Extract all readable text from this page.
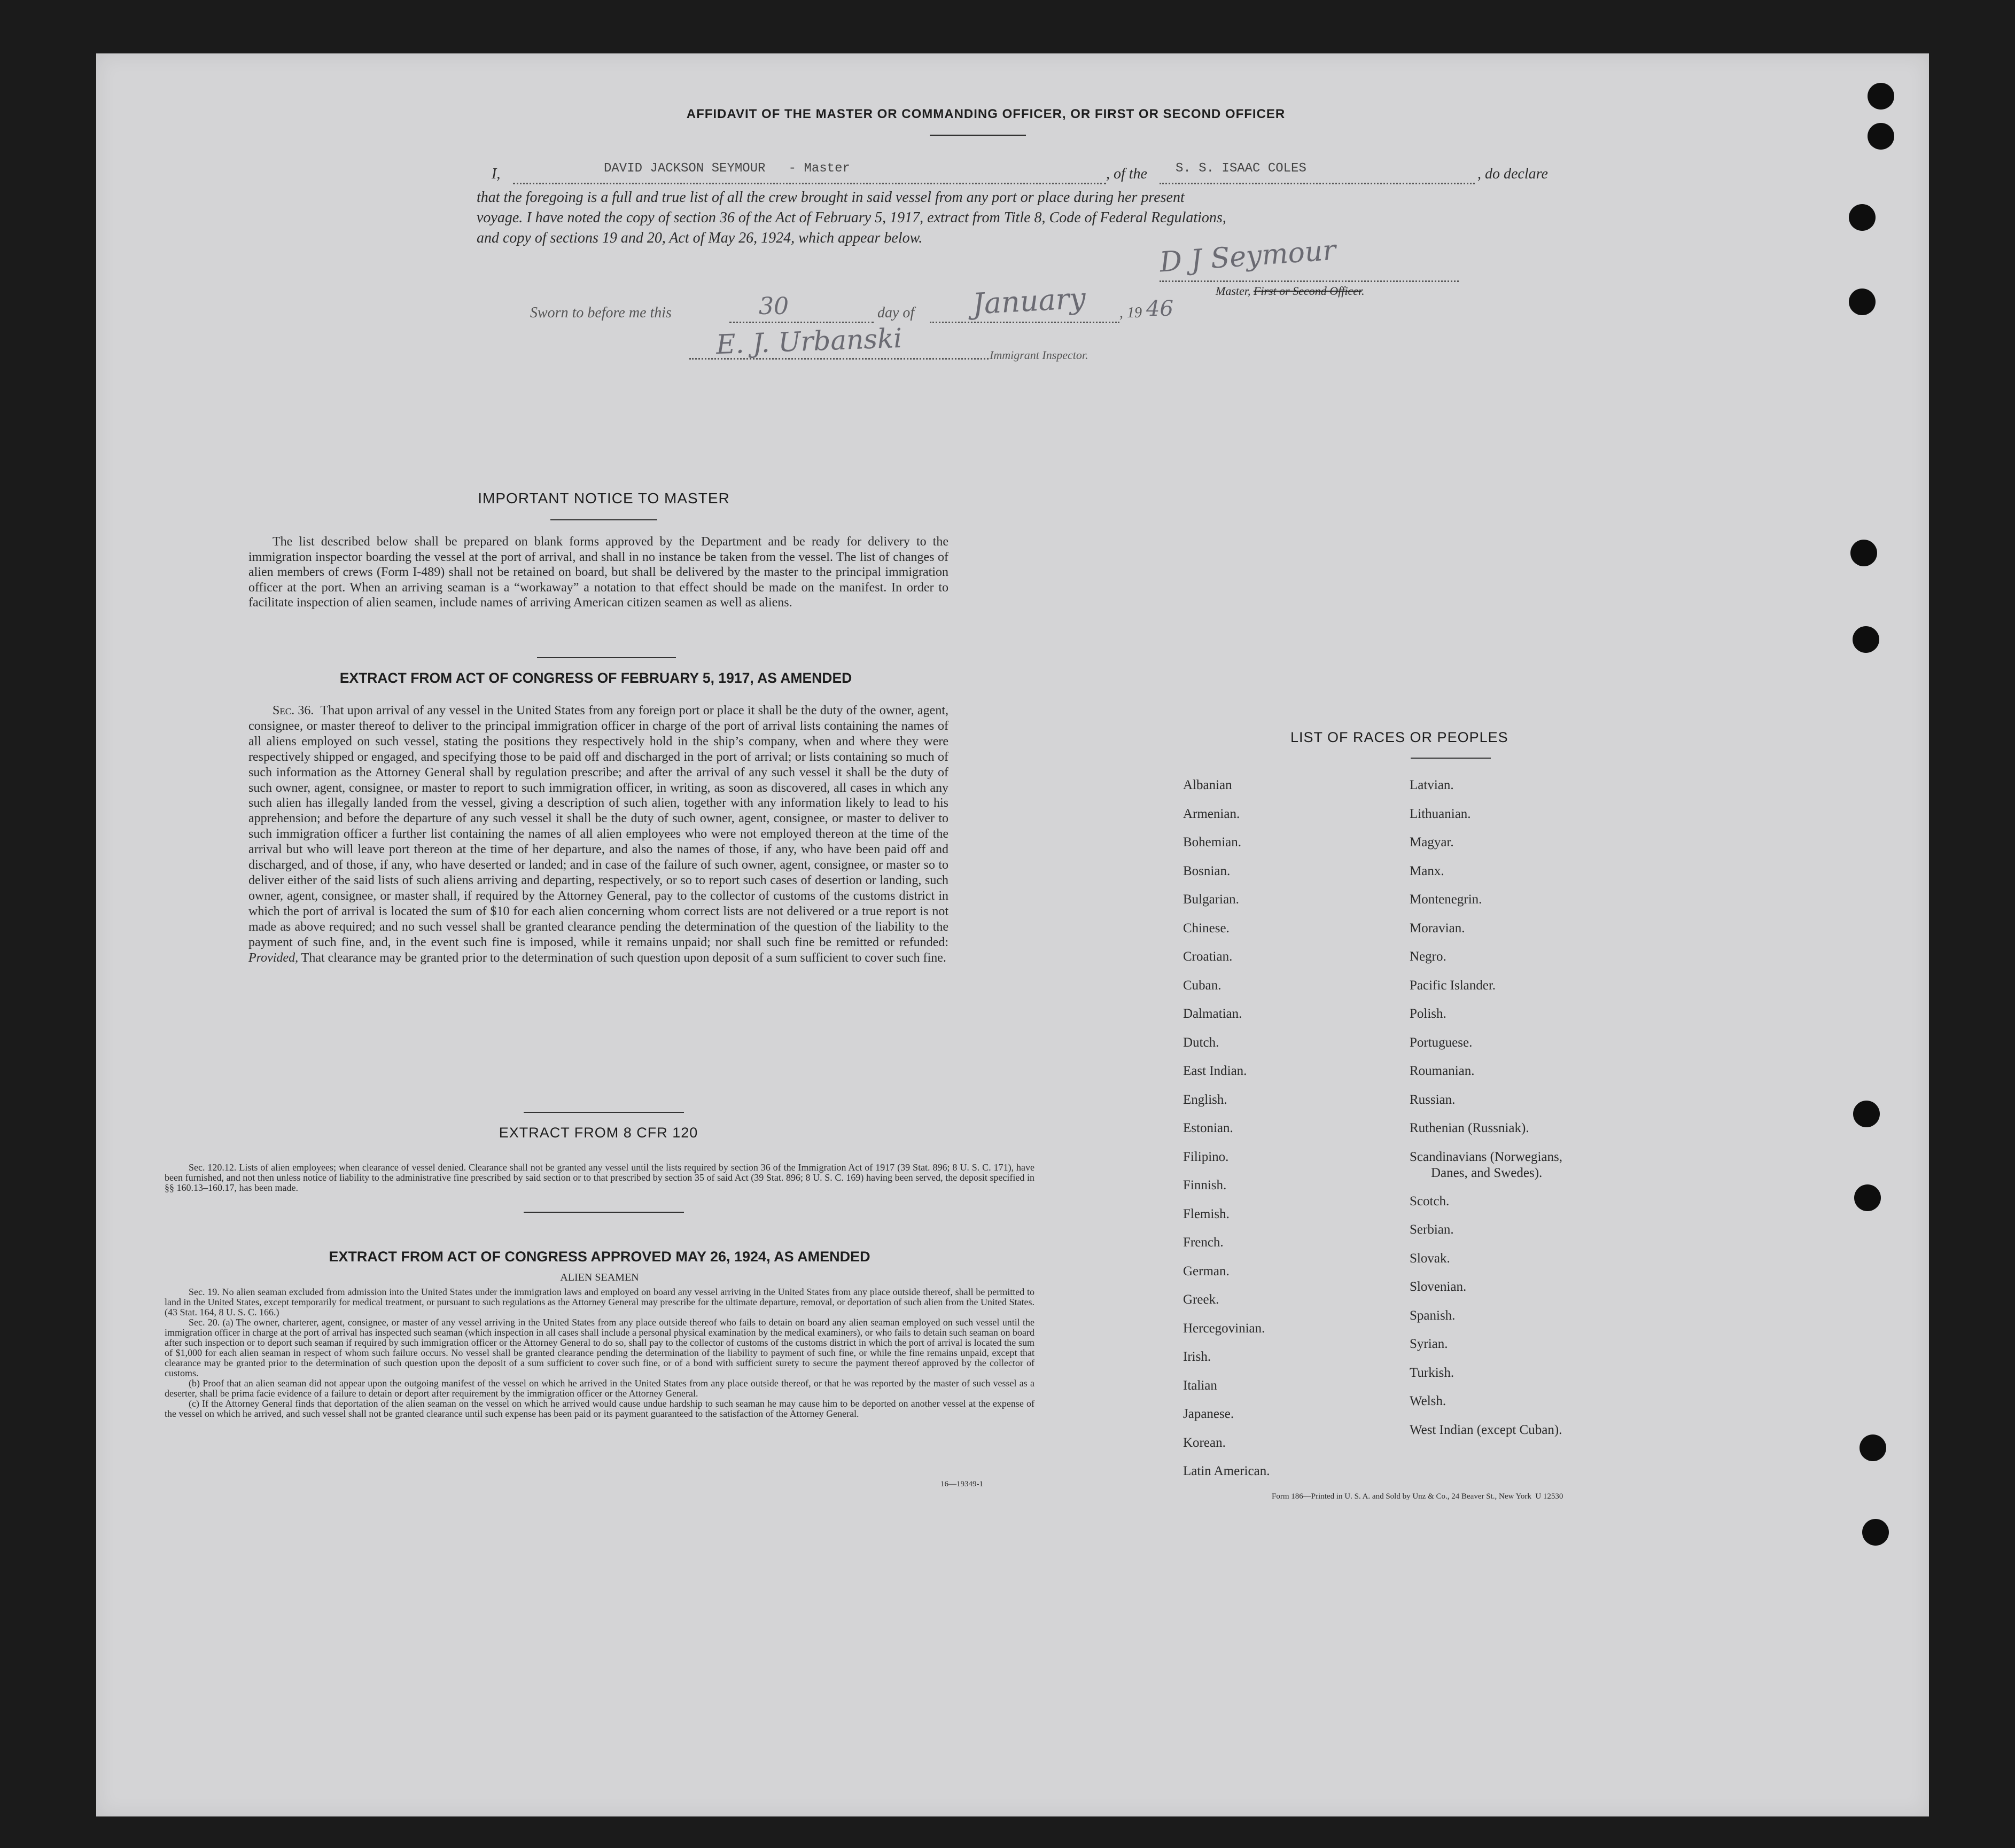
AFFIDAVIT OF THE MASTER OR COMMANDING OFFICER, OR FIRST OR SECOND OFFICER
I,	DAVID JACKSON SEYMOUR   - Master	, of the S. S. ISAAC COLES	, do declare
that the foregoing is a full and true list of all the crew brought in said vessel from any port or place during her present
voyage. I have noted the copy of section 36 of the Act of February 5, 1917, extract from Title 8, Code of Federal Regulations,
and copy of sections 19 and 20, Act of May 26, 1924, which appear below.	D J Seymour
Master, First or Second Officer.
Sworn to before me this	30	day of January , 19 46
E. J. Urbanski	Immigrant Inspector.
IMPORTANT NOTICE TO MASTER
The list described below shall be prepared on blank forms approved by the Department and be ready for delivery to the immigration inspector boarding the vessel at the port of arrival, and shall in no instance be taken from the vessel. The list of changes of alien members of crews (Form I-489) shall not be retained on board, but shall be delivered by the master to the principal immigration officer at the port. When an arriving seaman is a “workaway” a notation to that effect should be made on the manifest. In order to facilitate inspection of alien seamen, include names of arriving American citizen seamen as well as aliens.
EXTRACT FROM ACT OF CONGRESS OF FEBRUARY 5, 1917, AS AMENDED
Sec. 36. That upon arrival of any vessel in the United States from any foreign port or place it shall be the duty of the owner, agent, consignee, or master thereof to deliver to the principal immigration officer in charge of the port of arrival lists containing the names of all aliens employed on such vessel, stating the positions they respectively hold in the ship’s company, when and where they were respectively shipped or engaged, and specifying those to be paid off and discharged in the port of arrival; or lists containing so much of such information as the Attorney General shall by regulation prescribe; and after the arrival of any such vessel it shall be the duty of such owner, agent, consignee, or master to report to such immigration officer, in writing, as soon as discovered, all cases in which any such alien has illegally landed from the vessel, giving a description of such alien, together with any information likely to lead to his apprehension; and before the departure of any such vessel it shall be the duty of such owner, agent, consignee, or master to deliver to such immigration officer a further list containing the names of all alien employees who were not employed thereon at the time of the arrival but who will leave port thereon at the time of her departure, and also the names of those, if any, who have been paid off and discharged, and of those, if any, who have deserted or landed; and in case of the failure of such owner, agent, consignee, or master so to deliver either of the said lists of such aliens arriving and departing, respectively, or so to report such cases of desertion or landing, such owner, agent, consignee, or master shall, if required by the Attorney General, pay to the collector of customs of the customs district in which the port of arrival is located the sum of $10 for each alien concerning whom correct lists are not delivered or a true report is not made as above required; and no such vessel shall be granted clearance pending the determination of the question of the liability to the payment of such fine, and, in the event such fine is imposed, while it remains unpaid; nor shall such fine be remitted or refunded: Provided, That clearance may be granted prior to the determination of such question upon deposit of a sum sufficient to cover such fine.
EXTRACT FROM 8 CFR 120
Sec. 120.12. Lists of alien employees; when clearance of vessel denied. Clearance shall not be granted any vessel until the lists required by section 36 of the Immigration Act of 1917 (39 Stat. 896; 8 U. S. C. 171), have been furnished, and not then unless notice of liability to the administrative fine prescribed by said section or to that prescribed by section 35 of said Act (39 Stat. 896; 8 U. S. C. 169) having been served, the deposit specified in §§ 160.13–160.17, has been made.
EXTRACT FROM ACT OF CONGRESS APPROVED MAY 26, 1924, AS AMENDED
ALIEN SEAMEN
Sec. 19. No alien seaman excluded from admission into the United States under the immigration laws and employed on board any vessel arriving in the United States from any place outside thereof, shall be permitted to land in the United States, except temporarily for medical treatment, or pursuant to such regulations as the Attorney General may prescribe for the ultimate departure, removal, or deportation of such alien from the United States. (43 Stat. 164, 8 U. S. C. 166.)
Sec. 20. (a) The owner, charterer, agent, consignee, or master of any vessel arriving in the United States from any place outside thereof who fails to detain on board any alien seaman employed on such vessel until the immigration officer in charge at the port of arrival has inspected such seaman (which inspection in all cases shall include a personal physical examination by the medical examiners), or who fails to detain such seaman on board after such inspection or to deport such seaman if required by such immigration officer or the Attorney General to do so, shall pay to the collector of customs of the customs district in which the port of arrival is located the sum of $1,000 for each alien seaman in respect of whom such failure occurs. No vessel shall be granted clearance pending the determination of the liability to payment of such fine, or while the fine remains unpaid, except that clearance may be granted prior to the determination of such question upon the deposit of a sum sufficient to cover such fine, or of a bond with sufficient surety to secure the payment thereof approved by the collector of customs.
(b) Proof that an alien seaman did not appear upon the outgoing manifest of the vessel on which he arrived in the United States from any place outside thereof, or that he was reported by the master of such vessel as a deserter, shall be prima facie evidence of a failure to detain or deport after requirement by the immigration officer or the Attorney General.
(c) If the Attorney General finds that deportation of the alien seaman on the vessel on which he arrived would cause undue hardship to such seaman he may cause him to be deported on another vessel at the expense of the vessel on which he arrived, and such vessel shall not be granted clearance until such expense has been paid or its payment guaranteed to the satisfaction of the Attorney General.
16—19349-1
LIST OF RACES OR PEOPLES
Albanian
Armenian.
Bohemian.
Bosnian.
Bulgarian.
Chinese.
Croatian.
Cuban.
Dalmatian.
Dutch.
East Indian.
English.
Estonian.
Filipino.
Finnish.
Flemish.
French.
German.
Greek.
Hercegovinian.
Irish.
Italian
Japanese.
Korean.
Latin American.
Latvian.
Lithuanian.
Magyar.
Manx.
Montenegrin.
Moravian.
Negro.
Pacific Islander.
Polish.
Portuguese.
Roumanian.
Russian.
Ruthenian (Russniak).
Scandinavians (Norwegians,
Danes, and Swedes).
Scotch.
Serbian.
Slovak.
Slovenian.
Spanish.
Syrian.
Turkish.
Welsh.
West Indian (except Cuban).
Form 186—Printed in U. S. A. and Sold by Unz & Co., 24 Beaver St., New York  U 12530
